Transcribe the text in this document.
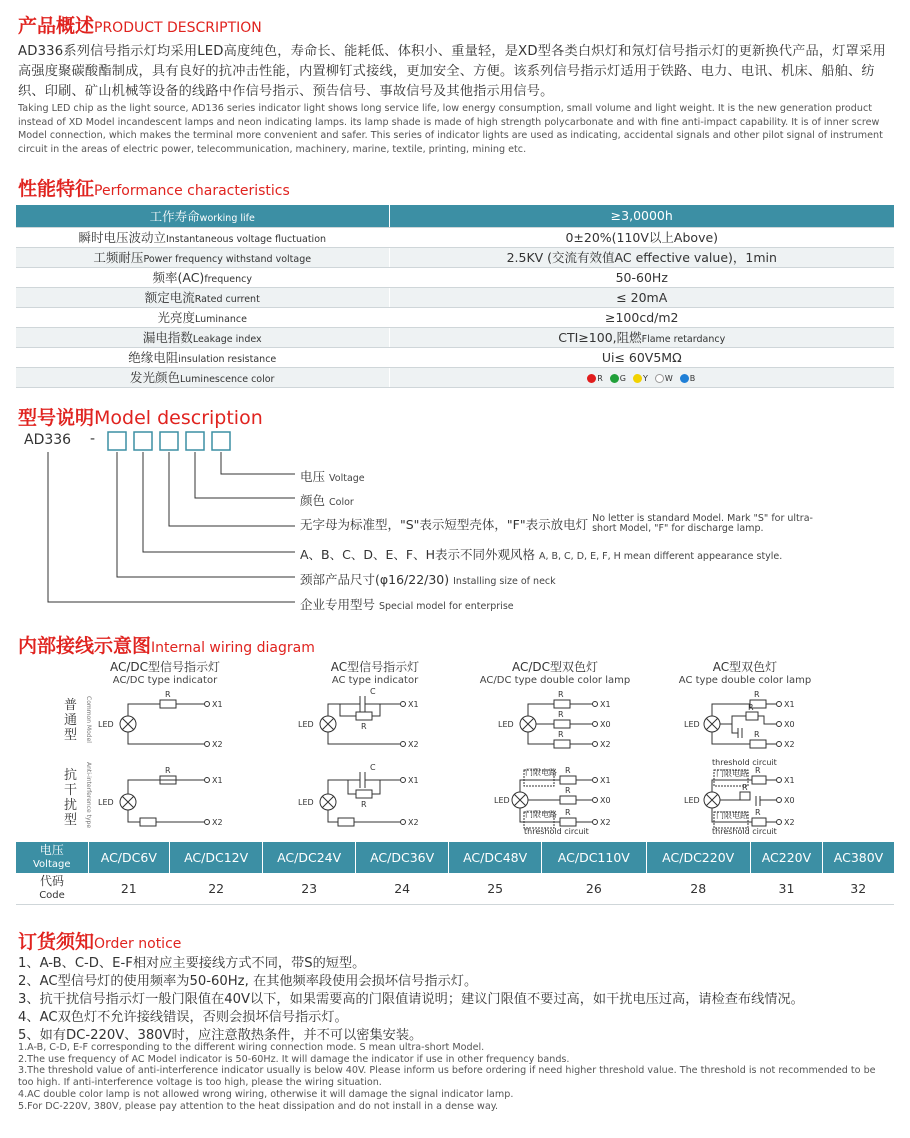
产品概述PRODUCT DESCRIPTION
AD336系列信号指示灯均采用LED高度纯色，寿命长、能耗低、体积小、重量轻，是XD型各类白炽灯和氖灯信号指示灯的更新换代产品，灯罩采用高强度聚碳酸酯制成，具有良好的抗冲击性能，内置柳钉式接线，更加安全、方便。该系列信号指示灯适用于铁路、电力、电讯、机床、船舶、纺织、印刷、矿山机械等设备的线路中作信号指示、预告信号、事故信号及其他指示用信号。
Taking LED chip as the light source, AD136 series indicator light shows long service life, low energy consumption, small volume and light weight. It is the new generation product instead of XD Model incandescent lamps and neon indicating lamps. its lamp shade is made of high strength polycarbonate and with fine anti-impact capability. It is of inner screw Model connection, which makes the terminal more convenient and safer. This series of indicator lights are used as indicating, accidental signals and other pilot signal of instrument circuit in the areas of electric power, telecommunication, machinery, marine, textile, printing, mining etc.
性能特征Performance characteristics
工作寿命working life	≥3,0000h
瞬时电压波动立Instantaneous voltage fluctuation	0±20%(110V以上Above)
工频耐压Power frequency withstand voltage	2.5KV (交流有效值AC effective value)，1min
频率(AC)frequency	50-60Hz
额定电流Rated current	≤ 20mA
光亮度Luminance	≥100cd/m2
漏电指数Leakage index	CTI≥100,阻燃Flame retardancy
绝缘电阻insulation resistance	Ui≤ 60V5MΩ
发光颜色Luminescence color	R G Y W B
型号说明Model description
AD336 -
电压 Voltage
颜色 Color
无字母为标准型，"S"表示短型壳体，"F"表示放电灯 No letter is standard Model. Mark "S" for ultra-short Model, "F" for discharge lamp.
A、B、C、D、E、F、H表示不同外观风格 A, B, C, D, E, F, H mean different appearance style.
颈部产品尺寸(φ16/22/30) Installing size of neck
企业专用型号 Special model for enterprise
内部接线示意图Internal wiring diagram
AC/DC型信号指示灯
AC/DC type indicator
AC型信号指示灯
AC type indicator
AC/DC型双色灯
AC/DC type double color lamp
AC型双色灯
AC type double color lamp
普通型	Common Model
抗干扰型	Anti-interference type
LED
R
X1
X2
LED
R
X1
X2
LED
C
R
X1
X2
LED
C
R
X1
X2
LED
R
R
R
X1
X0
X2
LED
门限电路 R
R
R
门限电路
threshold circuit
X1
X0
X2
LED
R
R
R
X1
X0
X2
threshold circuit
LED
门限电路 R
R
门限电路 R
threshold circuit
X1
X0
X2
电压
Voltage	AC/DC6V	AC/DC12V	AC/DC24V	AC/DC36V	AC/DC48V	AC/DC110V	AC/DC220V	AC220V	AC380V

代码
Code	21	22	23	24	25	26	28	31	32
订货须知Order notice
1、A-B、C-D、E-F相对应主要接线方式不同，带S的短型。
2、AC型信号灯的使用频率为50-60Hz, 在其他频率段使用会损坏信号指示灯。
3、抗干扰信号指示灯一般门限值在40V以下，如果需要高的门限值请说明；建议门限值不要过高，如干扰电压过高，请检查布线情况。
4、AC双色灯不允许接线错误，否则会损坏信号指示灯。
5、如有DC-220V、380V时，应注意散热条件，并不可以密集安装。
1.A-B, C-D, E-F corresponding to the different wiring connection mode. S mean ultra-short Model.
2.The use frequency of AC Model indicator is 50-60Hz. It will damage the indicator if use in other frequency bands.
3.The threshold value of anti-interference indicator usually is below 40V. Please inform us before ordering if need higher threshold value. The threshold is not recommended to be too high. If anti-interference voltage is too high, please the wiring situation.
4.AC double color lamp is not allowed wrong wiring, otherwise it will damage the signal indicator lamp.
5.For DC-220V, 380V, please pay attention to the heat dissipation and do not install in a dense way.
